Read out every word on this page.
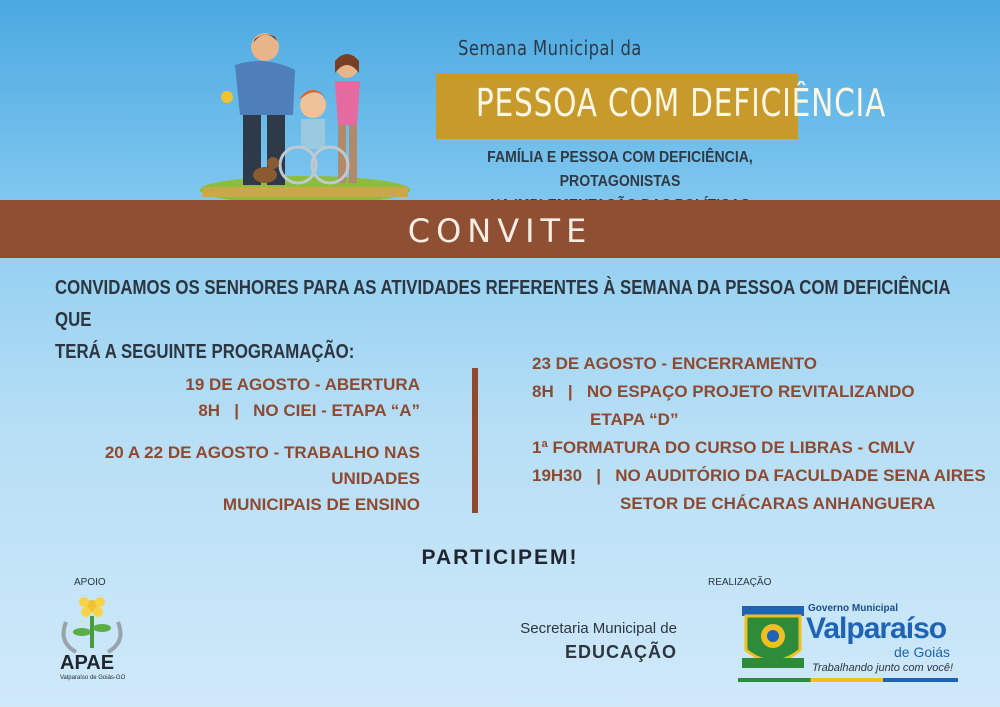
Semana Municipal da
PESSOA COM DEFICIÊNCIA
FAMÍLIA E PESSOA COM DEFICIÊNCIA, PROTAGONISTAS
CONVITE
CONVIDAMOS OS SENHORES PARA AS ATIVIDADES REFERENTES À SEMANA DA PESSOA COM DEFICIÊNCIA QUE
TERÁ A SEGUINTE PROGRAMAÇÃO:
19 DE AGOSTO - ABERTURA
8H   |   NO CIEI - ETAPA “A”
20 A 22 DE AGOSTO - TRABALHO NAS UNIDADES
MUNICIPAIS DE ENSINO
23 DE AGOSTO - ENCERRAMENTO
8H   |   NO ESPAÇO PROJETO REVITALIZANDO
ETAPA “D”
1ª FORMATURA DO CURSO DE LIBRAS - CMLV
19H30   |   NO AUDITÓRIO DA FACULDADE SENA AIRES
SETOR DE CHÁCARAS ANHANGUERA
PARTICIPEM!
APOIO
APAE
Valparaíso de Goiás-GO
Secretaria Municipal de
EDUCAÇÃO
REALIZAÇÃO
Governo Municipal
Valparaíso
de Goiás
Trabalhando junto com você!
